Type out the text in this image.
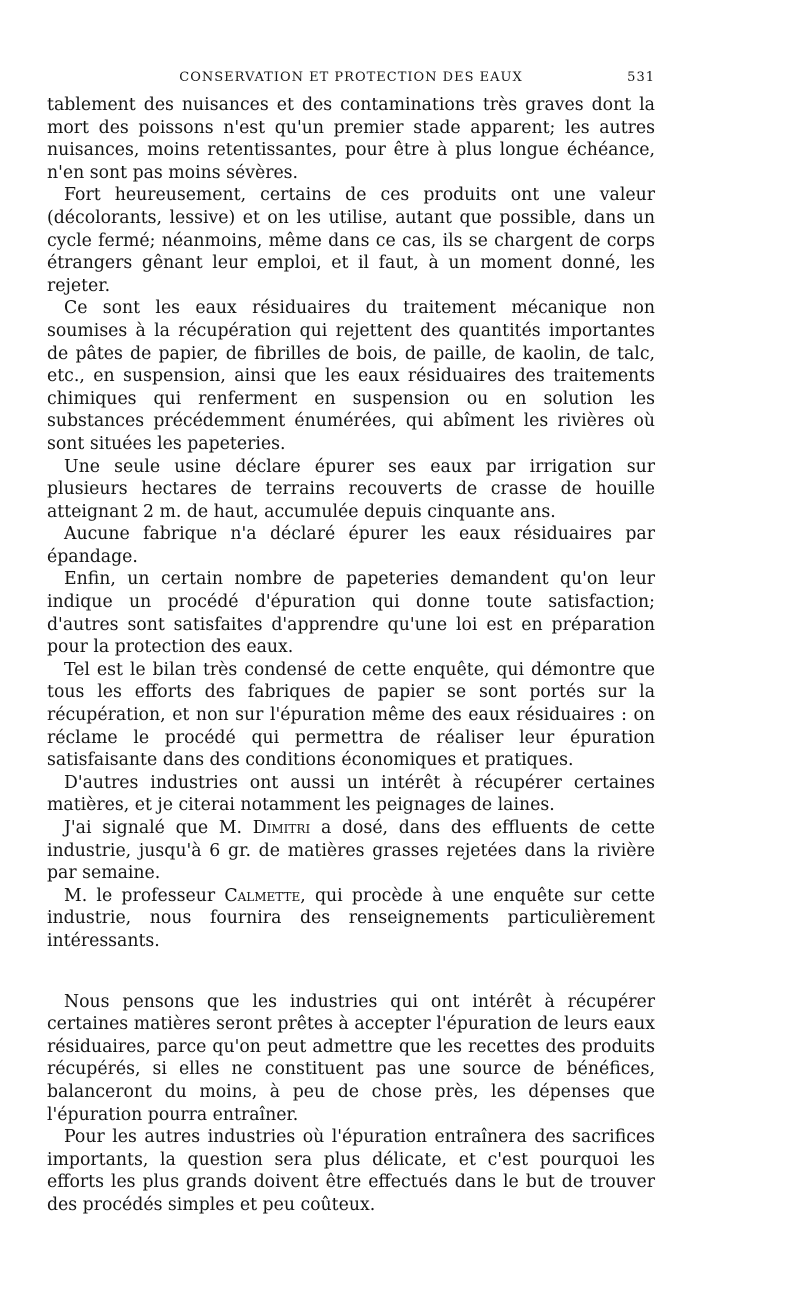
CONSERVATION ET PROTECTION DES EAUX	531

tablement des nuisances et des contaminations très graves dont la mort des poissons n'est qu'un premier stade apparent; les autres nuisances, moins retentissantes, pour être à plus longue échéance, n'en sont pas moins sévères.

Fort heureusement, certains de ces produits ont une valeur (décolorants, lessive) et on les utilise, autant que possible, dans un cycle fermé; néanmoins, même dans ce cas, ils se chargent de corps étrangers gênant leur emploi, et il faut, à un moment donné, les rejeter.

Ce sont les eaux résiduaires du traitement mécanique non soumises à la récupération qui rejettent des quantités importantes de pâtes de papier, de fibrilles de bois, de paille, de kaolin, de talc, etc., en suspension, ainsi que les eaux résiduaires des traitements chimiques qui renferment en suspension ou en solution les substances précédemment énumérées, qui abîment les rivières où sont situées les papeteries.

Une seule usine déclare épurer ses eaux par irrigation sur plusieurs hectares de terrains recouverts de crasse de houille atteignant 2 m. de haut, accumulée depuis cinquante ans.

Aucune fabrique n'a déclaré épurer les eaux résiduaires par épandage.

Enfin, un certain nombre de papeteries demandent qu'on leur indique un procédé d'épuration qui donne toute satisfaction; d'autres sont satisfaites d'apprendre qu'une loi est en préparation pour la protection des eaux.

Tel est le bilan très condensé de cette enquête, qui démontre que tous les efforts des fabriques de papier se sont portés sur la récupération, et non sur l'épuration même des eaux résiduaires : on réclame le procédé qui permettra de réaliser leur épuration satisfaisante dans des conditions économiques et pratiques.

D'autres industries ont aussi un intérêt à récupérer certaines matières, et je citerai notamment les peignages de laines.

J'ai signalé que M. Dimitri a dosé, dans des effluents de cette industrie, jusqu'à 6 gr. de matières grasses rejetées dans la rivière par semaine.

M. le professeur Calmette, qui procède à une enquête sur cette industrie, nous fournira des renseignements particulièrement intéressants.

Nous pensons que les industries qui ont intérêt à récupérer certaines matières seront prêtes à accepter l'épuration de leurs eaux résiduaires, parce qu'on peut admettre que les recettes des produits récupérés, si elles ne constituent pas une source de bénéfices, balanceront du moins, à peu de chose près, les dépenses que l'épuration pourra entraîner.

Pour les autres industries où l'épuration entraînera des sacrifices importants, la question sera plus délicate, et c'est pourquoi les efforts les plus grands doivent être effectués dans le but de trouver des procédés simples et peu coûteux.
